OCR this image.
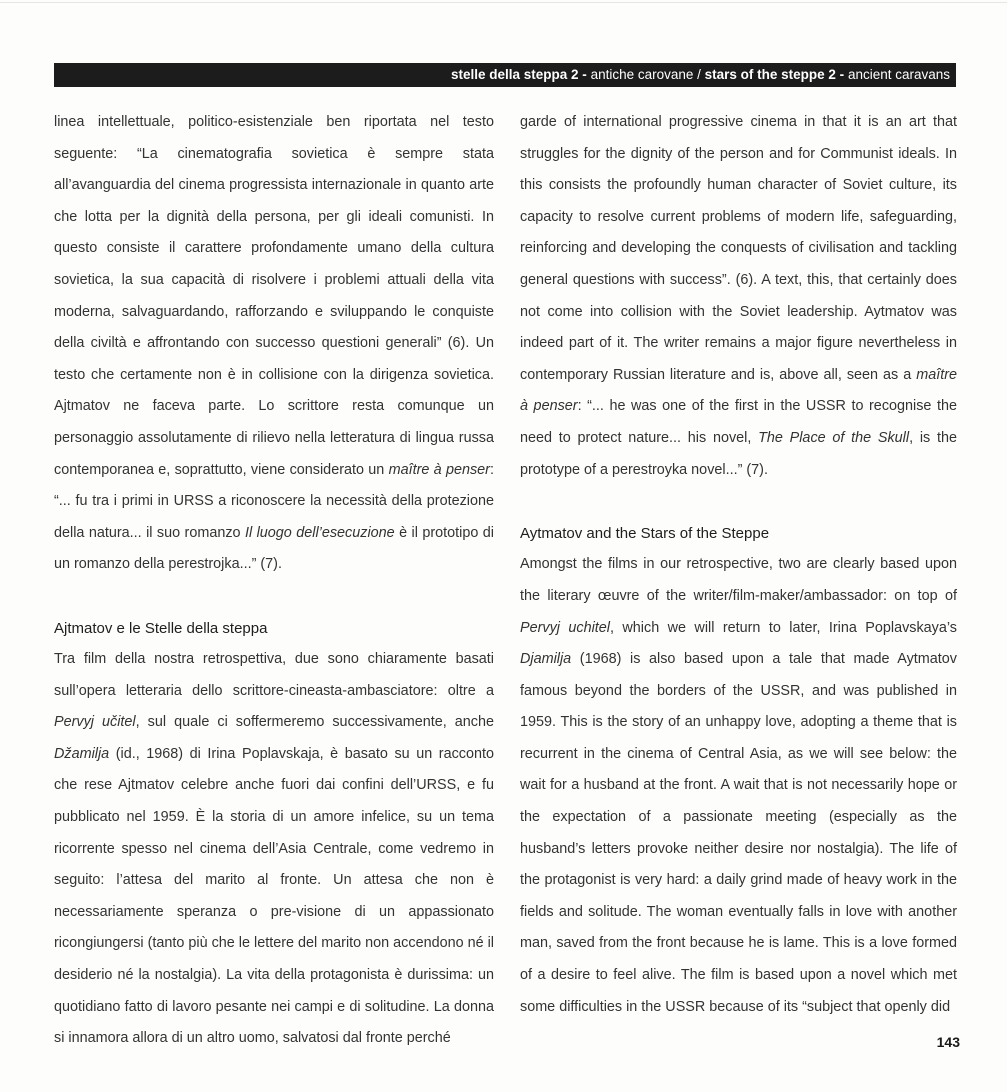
stelle della steppa 2 - antiche carovane / stars of the steppe 2 - ancient caravans

linea intellettuale, politico-esistenziale ben riportata nel testo seguente: “La cinematografia sovietica è sempre stata all’avanguardia del cinema progressista internazionale in quanto arte che lotta per la dignità della persona, per gli ideali comunisti. In questo consiste il carattere profondamente umano della cultura sovietica, la sua capacità di risolvere i problemi attuali della vita moderna, salvaguardando, rafforzando e sviluppando le conquiste della civiltà e affrontando con successo questioni generali” (6). Un testo che certamente non è in collisione con la dirigenza sovietica. Ajtmatov ne faceva parte. Lo scrittore resta comunque un personaggio assolutamente di rilievo nella letteratura di lingua russa contemporanea e, soprattutto, viene considerato un maître à penser: “... fu tra i primi in URSS a riconoscere la necessità della protezione della natura... il suo romanzo Il luogo dell’esecuzione è il prototipo di un romanzo della perestrojka...” (7).

Ajtmatov e le Stelle della steppa

Tra film della nostra retrospettiva, due sono chiaramente basati sull’opera letteraria dello scrittore-cineasta-ambasciatore: oltre a Pervyj učitel, sul quale ci soffermeremo successivamente, anche Džamilja (id., 1968) di Irina Poplavskaja, è basato su un racconto che rese Ajtmatov celebre anche fuori dai confini dell’URSS, e fu pubblicato nel 1959. È la storia di un amore infelice, su un tema ricorrente spesso nel cinema dell’Asia Centrale, come vedremo in seguito: l’attesa del marito al fronte. Un attesa che non è necessariamente speranza o pre-visione di un appassionato ricongiungersi (tanto più che le lettere del marito non accendono né il desiderio né la nostalgia). La vita della protagonista è durissima: un quotidiano fatto di lavoro pesante nei campi e di solitudine. La donna si innamora allora di un altro uomo, salvatosi dal fronte perché

garde of international progressive cinema in that it is an art that struggles for the dignity of the person and for Communist ideals. In this consists the profoundly human character of Soviet culture, its capacity to resolve current problems of modern life, safeguarding, reinforcing and developing the conquests of civilisation and tackling general questions with success”. (6). A text, this, that certainly does not come into collision with the Soviet leadership. Aytmatov was indeed part of it. The writer remains a major figure nevertheless in contemporary Russian literature and is, above all, seen as a maître à penser: “... he was one of the first in the USSR to recognise the need to protect nature... his novel, The Place of the Skull, is the prototype of a perestroyka novel...” (7).

Aytmatov and the Stars of the Steppe

Amongst the films in our retrospective, two are clearly based upon the literary œuvre of the writer/film-maker/ambassador: on top of Pervyj uchitel, which we will return to later, Irina Poplavskaya’s Djamilja (1968) is also based upon a tale that made Aytmatov famous beyond the borders of the USSR, and was published in 1959. This is the story of an unhappy love, adopting a theme that is recurrent in the cinema of Central Asia, as we will see below: the wait for a husband at the front. A wait that is not necessarily hope or the expectation of a passionate meeting (especially as the husband’s letters provoke neither desire nor nostalgia). The life of the protagonist is very hard: a daily grind made of heavy work in the fields and solitude. The woman eventually falls in love with another man, saved from the front because he is lame. This is a love formed of a desire to feel alive. The film is based upon a novel which met some difficulties in the USSR because of its “subject that openly did

143
